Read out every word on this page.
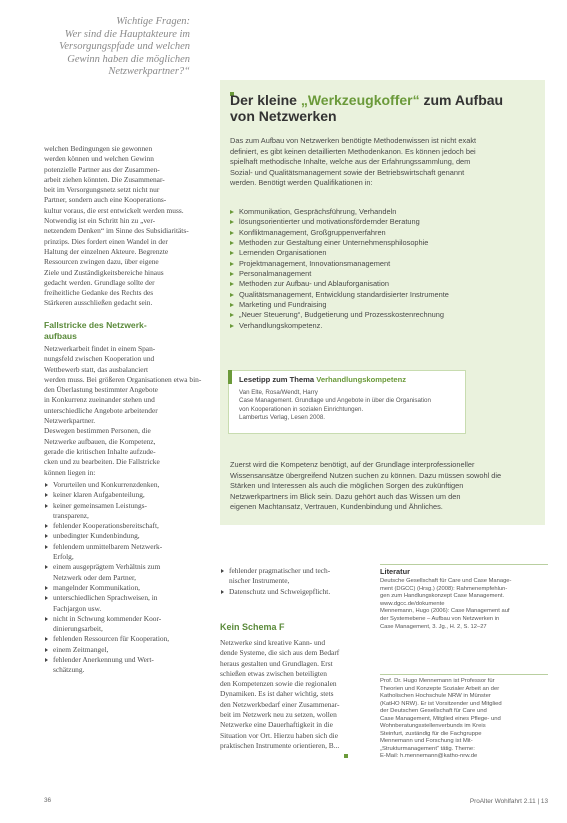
Wichtige Fragen:
Wer sind die Hauptakteure im
Versorgungspfade und welchen
Gewinn haben die möglichen
Netzwerkpartner?“
welchen Bedingungen sie gewonnen
werden können und welchen Gewinn
potenzielle Partner aus der Zusammen-
arbeit ziehen könnten. Die Zusammenar-
beit im Versorgungsnetz setzt nicht nur
Partner, sondern auch eine Kooperations-
kultur voraus, die erst entwickelt werden muss.
Notwendig ist ein Schritt hin zu „ver-
netzendem Denken“ im Sinne des Subsidiaritäts-
prinzips. Dies fordert einen Wandel in der
Haltung der einzelnen Akteure. Begrenzte
Ressourcen zwingen dazu, über eigene
Ziele und Zuständigkeitsbereiche hinaus
gedacht werden. Grundlage sollte der
freiheitliche Gedanke des Rechts des
Stärkeren ausschließen gedacht sein.
Fallstricke des Netzwerk-
aufbaus
Netzwerkarbeit findet in einem Span-
nungsfeld zwischen Kooperation und
Wettbewerb statt, das ausbalanciert
werden muss. Bei größeren Organisationen etwa bin-
den Überlastung bestimmter Angebote
in Konkurrenz zueinander stehen und
unterschiedliche Angebote arbeitender
Netzwerkpartner.
Deswegen bestimmen Personen, die
Netzwerke aufbauen, die Kompetenz,
gerade die kritischen Inhalte aufzude-
cken und zu bearbeiten. Die Fallstricke
können liegen in:
Vorurteilen und Konkurrenzdenken,
keiner klaren Aufgabenteilung,
keiner gemeinsamen Leistungs-
transparenz,
fehlender Kooperationsbereitschaft,
unbedingter Kundenbindung,
fehlendem unmittelbarem Netzwerk-
Erfolg,
einem ausgeprägtem Verhältnis zum
Netzwerk oder dem Partner,
mangelnder Kommunikation,
unterschiedlichen Sprachweisen, in
Fachjargon usw.
nicht in Schwung kommender Koor-
dinierungsarbeit,
fehlenden Ressourcen für Kooperation,
einem Zeitmangel,
fehlender Anerkennung und Wert-
schätzung.
Der kleine „Werkzeugkoffer“ zum Aufbau
von Netzwerken
Das zum Aufbau von Netzwerken benötigte Methodenwissen ist nicht exakt
definiert, es gibt keinen detaillierten Methodenkanon. Es können jedoch bei
spielhaft methodische Inhalte, welche aus der Erfahrungssammlung, dem
Sozial- und Qualitätsmanagement sowie der Betriebswirtschaft genannt
werden. Benötigt werden Qualifikationen in:
Kommunikation, Gesprächsführung, Verhandeln
lösungsorientierter und motivationsfördernder Beratung
Konfliktmanagement, Großgruppenverfahren
Methoden zur Gestaltung einer Unternehmensphilosophie
Lernenden Organisationen
Projektmanagement, Innovationsmanagement
Personalmanagement
Methoden zur Aufbau- und Ablauforganisation
Qualitätsmanagement, Entwicklung standardisierter Instrumente
Marketing und Fundraising
„Neuer Steuerung“, Budgetierung und Prozesskostenrechnung
Verhandlungskompetenz.
Zuerst wird die Kompetenz benötigt, auf der Grundlage interprofessioneller
Wissensansätze übergreifend Nutzen suchen zu können. Dazu müssen sowohl die
Stärken und Interessen als auch die möglichen Sorgen des zukünftigen
Netzwerkpartners im Blick sein. Dazu gehört auch das Wissen um den
eigenen Machtansatz, Vertrauen, Kundenbindung und Ähnliches.
Lesetipp zum Thema Verhandlungskompetenz
Van Elte, Rosa/Wendt, Harry
Case Management. Grundlage und Angebote in über die Organisation
von Kooperationen in sozialen Einrichtungen.
Lambertus Verlag, Lesen 2008.
fehlender pragmatischer und tech-
nischer Instrumente,
Datenschutz und Schweigepflicht.
Kein Schema F
Netzwerke sind kreative Kann- und
dende Systeme, die sich aus dem Bedarf
heraus gestalten und Grundlagen. Erst
schießen etwas zwischen beteiligten
den Kompetenzen sowie die regionalen
Dynamiken. Es ist daher wichtig, stets
den Netzwerkbedarf einer Zusammenar-
beit im Netzwerk neu zu setzen, wollen
Netzwerke eine Dauerhaftigkeit in die
Situation vor Ort. Hierzu haben sich die
praktischen Instrumente orientieren, B...
Literatur
Deutsche Gesellschaft für Care und Case Manage-
ment (DGCC) (Hrsg.) (2008): Rahmenempfehlun-
gen zum Handlungskonzept Case Management.
www.dgcc.de/dokumente
Mennemann, Hugo (2006): Case Management auf
der Systemebene – Aufbau von Netzwerken in
Case Management, 3. Jg., H. 2, S. 12–27
Prof. Dr. Hugo Mennemann ist Professor für
Theorien und Konzepte Sozialer Arbeit an der
Katholischen Hochschule NRW in Münster
(KatHO NRW). Er ist Vorsitzender und Mitglied
der Deutschen Gesellschaft für Care und
Case Management, Mitglied eines Pflege- und
Wohnberatungsstellenverbunds im Kreis
Steinfurt, zuständig für die Fachgruppe
Mennemann und Forschung ist Mit-
„Strukturmanagement“ tätig. Theme:
E-Mail: h.mennemann@katho-nrw.de
36	ProAlter Wohlfahrt 2.11 | 13
